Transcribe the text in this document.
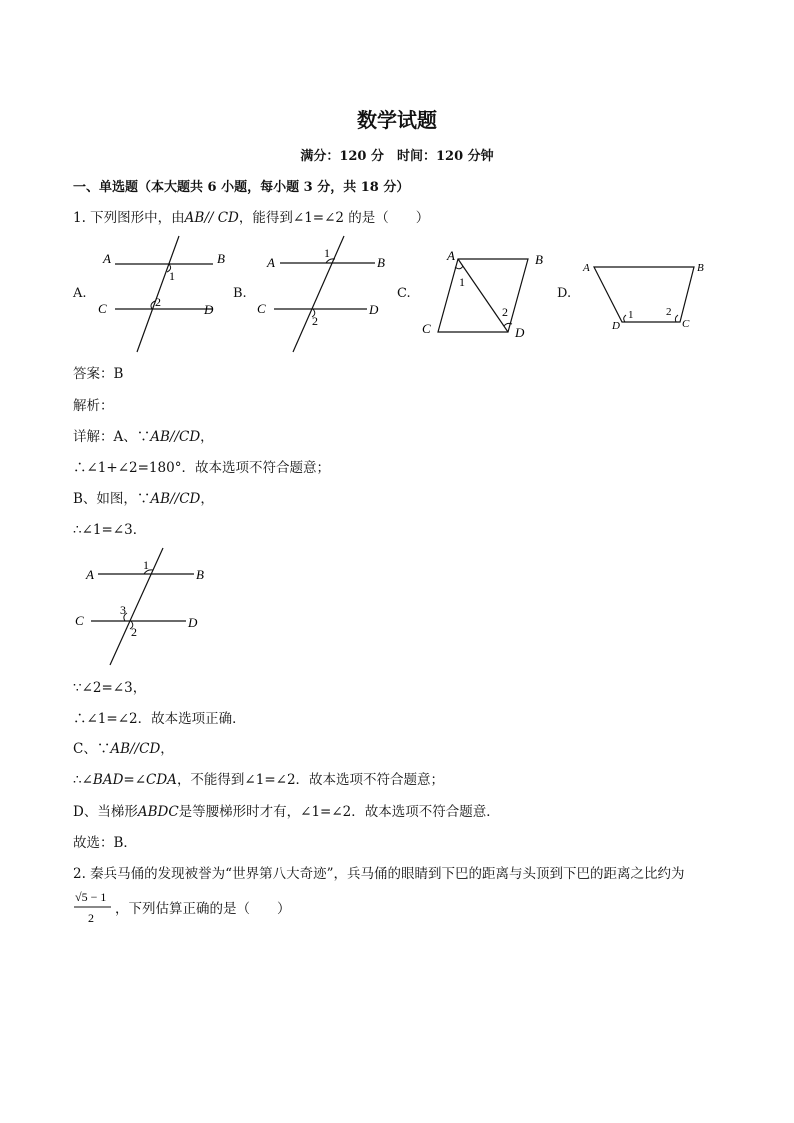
数学试题
满分：120 分　时间：120 分钟
一、单选题（本大题共 6 小题，每小题 3 分，共 18 分）
1. 下列图形中，由AB// CD，能得到∠1=∠2 的是（　　）
A.	B.	C.	D.
A	B
C	D
1
2
A	B
C	D
1
2
A	B
C	D
1
2
A	B
D	C
1	2
答案：B
解析：
详解：A、∵AB//CD，
∴∠1+∠2=180°．故本选项不符合题意；
B、如图，∵AB//CD，
∴∠1=∠3．
A	B
C	D
1
3
2
∵∠2=∠3，
∴∠1=∠2．故本选项正确．
C、∵AB//CD，
∴∠BAD=∠CDA，不能得到∠1=∠2．故本选项不符合题意；
D、当梯形ABDC是等腰梯形时才有，∠1=∠2．故本选项不符合题意．
故选：B．
2. 秦兵马俑的发现被誉为“世界第八大奇迹”，兵马俑的眼睛到下巴的距离与头顶到下巴的距离之比约为
√5 − 1
2
，下列估算正确的是（　　）
